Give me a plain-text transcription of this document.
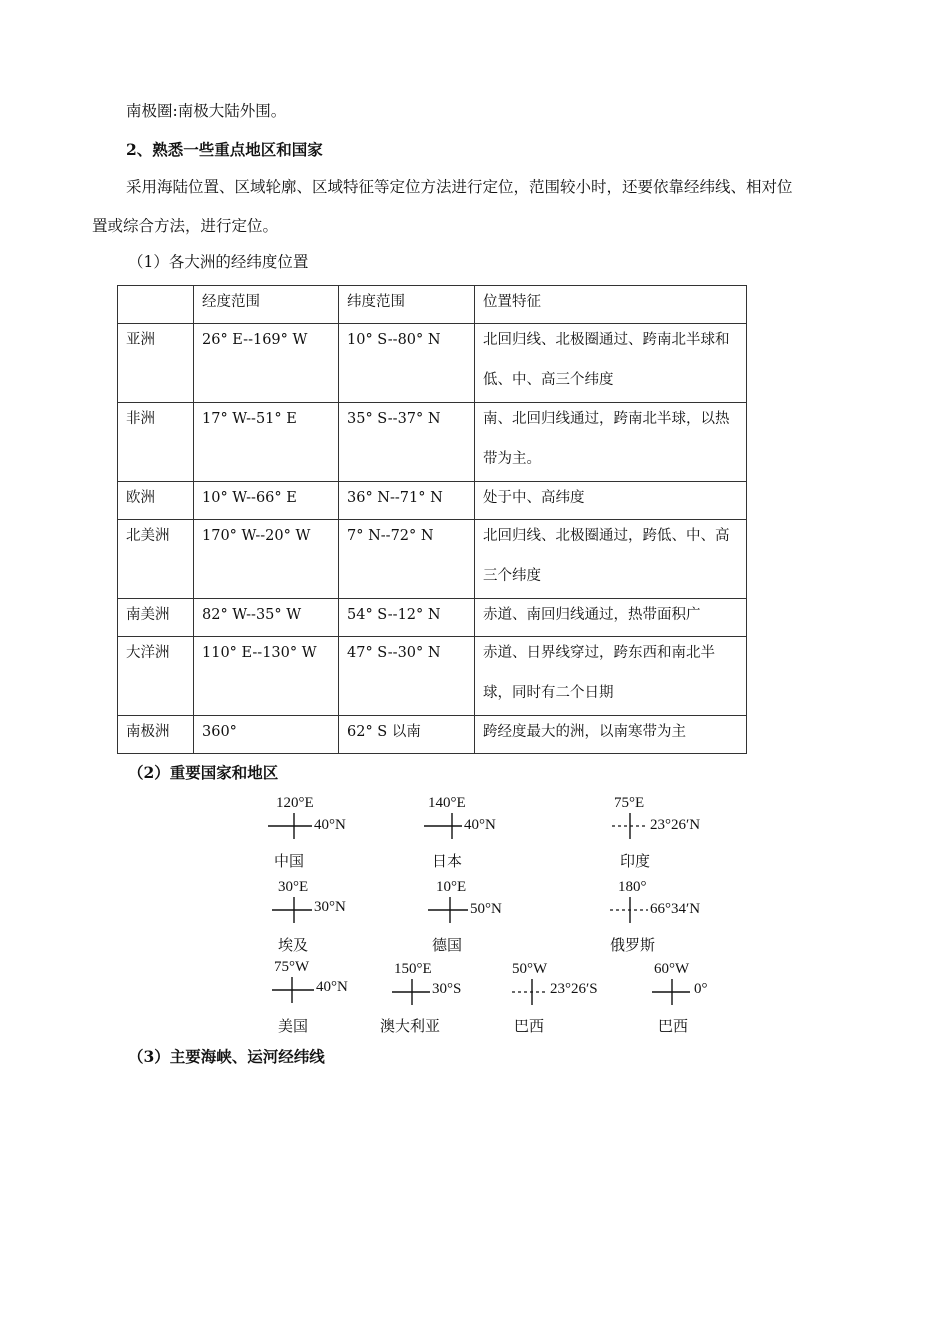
南极圈:南极大陆外围。
2、熟悉一些重点地区和国家
采用海陆位置、区域轮廓、区域特征等定位方法进行定位，范围较小时，还要依靠经纬线、相对位
置或综合方法，进行定位。
（1）各大洲的经纬度位置

	经度范围	纬度范围	位置特征

亚洲	26° E--169° W	10° S--80° N	北回归线、北极圈通过、跨南北半球和低、中、高三个纬度

非洲	17° W--51° E	35° S--37° N	南、北回归线通过，跨南北半球，以热带为主。

欧洲	10° W--66° E	36° N--71° N	处于中、高纬度

北美洲	170° W--20° W	7° N--72° N	北回归线、北极圈通过，跨低、中、高三个纬度

南美洲	82° W--35° W	54° S--12° N	赤道、南回归线通过，热带面积广

大洋洲	110° E--130° W	47° S--30° N	赤道、日界线穿过，跨东西和南北半球，同时有二个日期

南极洲	360°	62° S 以南	跨经度最大的洲，以南寒带为主
（2）重要国家和地区
120°E
40°N
中国
140°E
40°N
日本
75°E
23°26′N
印度
30°E
30°N
埃及
10°E
50°N
德国
180°
66°34′N
俄罗斯
75°W
40°N
美国
150°E
30°S
澳大利亚
50°W
23°26′S
巴西
60°W
0°
巴西
（3）主要海峡、运河经纬线
